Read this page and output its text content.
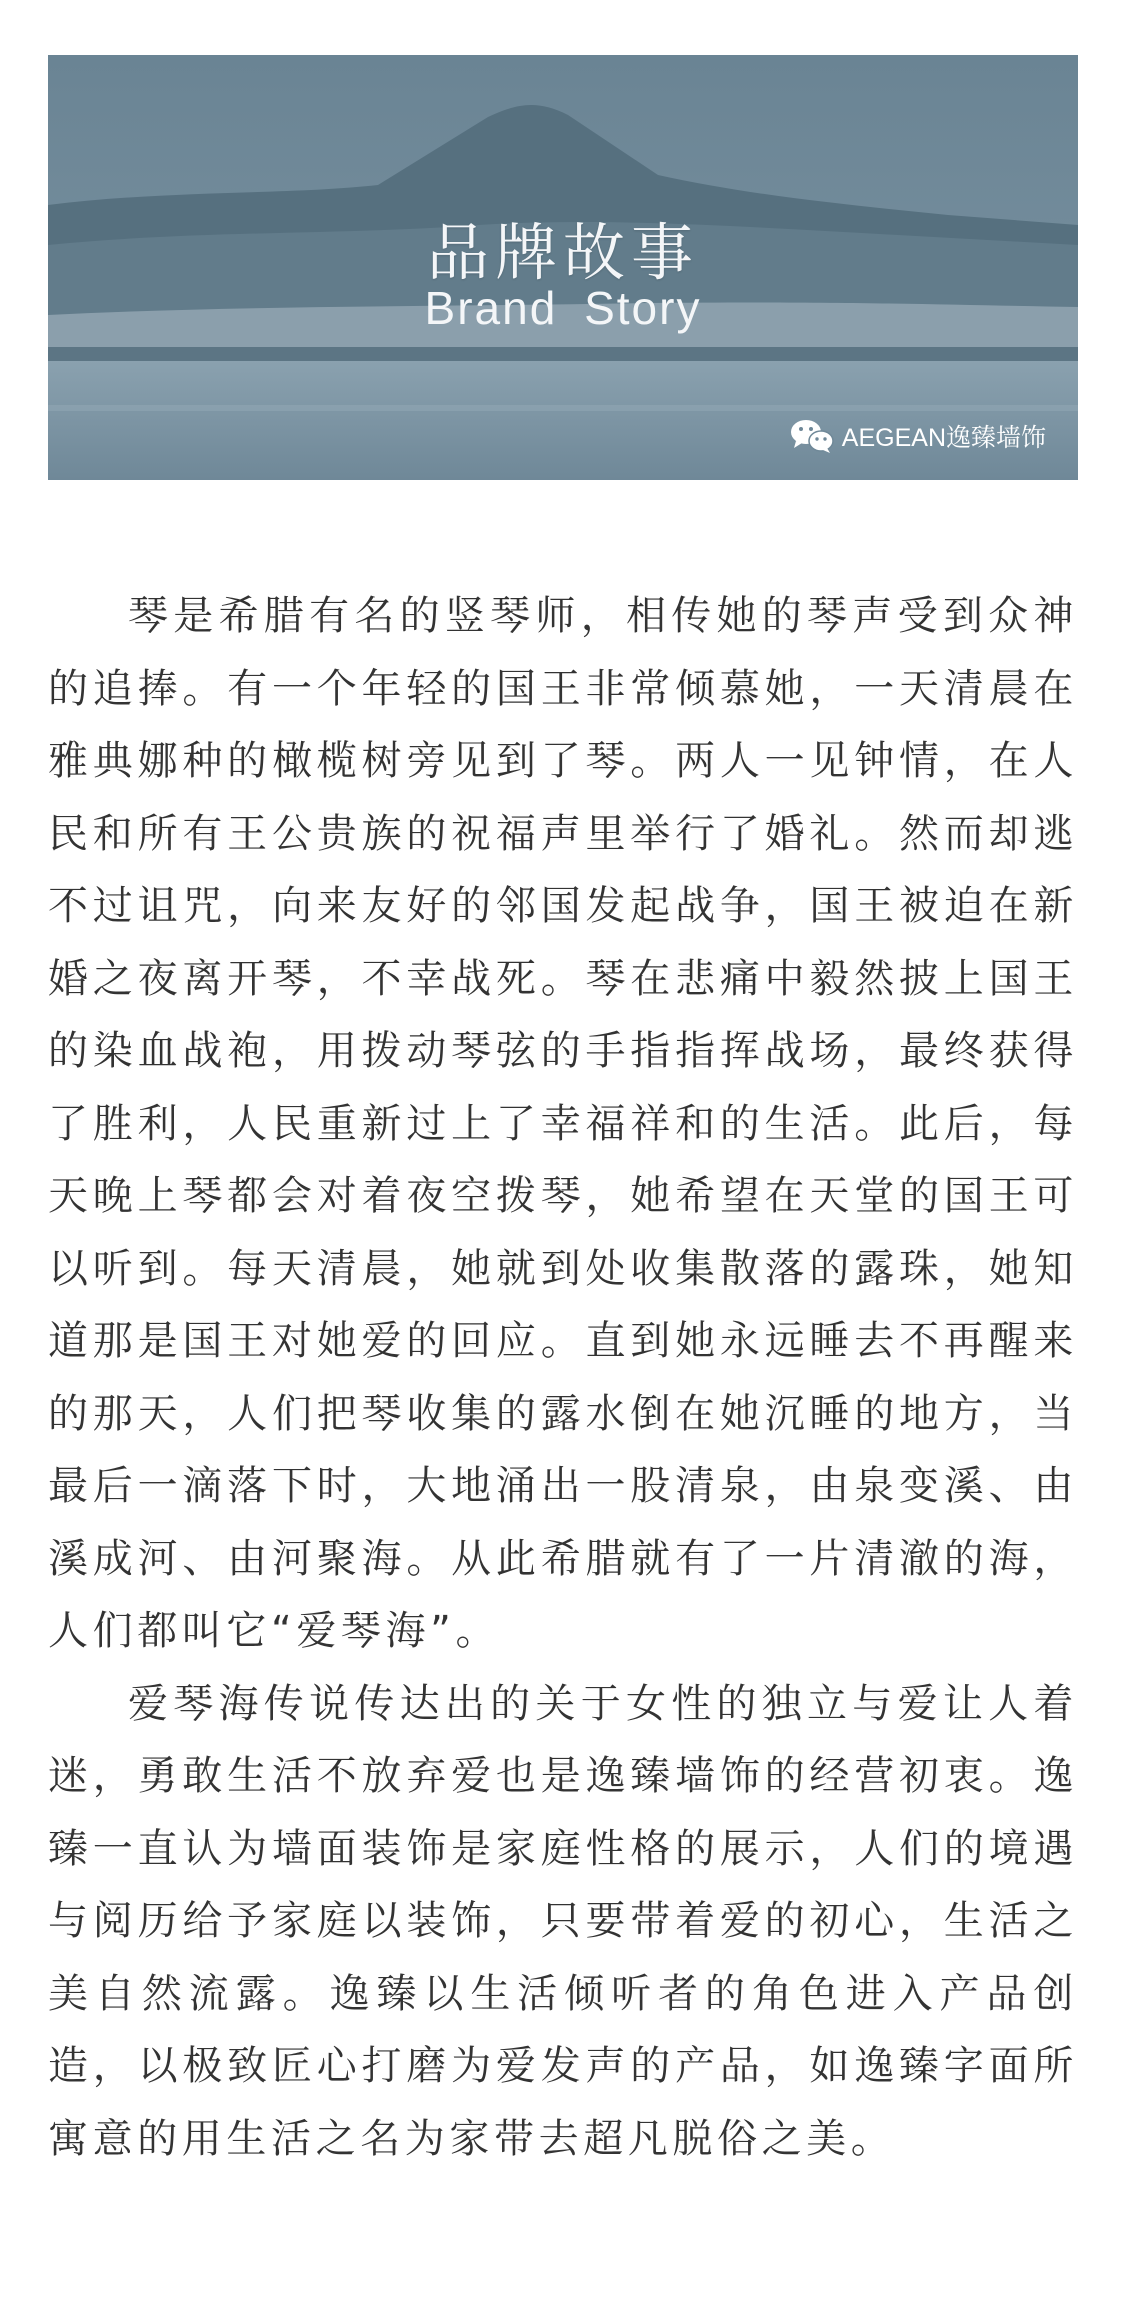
品牌故事
Brand Story
AEGEAN逸臻墙饰

琴是希腊有名的竖琴师，相传她的琴声受到众神的追捧。有一个年轻的国王非常倾慕她，一天清晨在雅典娜种的橄榄树旁见到了琴。两人一见钟情，在人民和所有王公贵族的祝福声里举行了婚礼。然而却逃不过诅咒，向来友好的邻国发起战争，国王被迫在新婚之夜离开琴，不幸战死。琴在悲痛中毅然披上国王的染血战袍，用拨动琴弦的手指指挥战场，最终获得了胜利，人民重新过上了幸福祥和的生活。此后，每天晚上琴都会对着夜空拨琴，她希望在天堂的国王可以听到。每天清晨，她就到处收集散落的露珠，她知道那是国王对她爱的回应。直到她永远睡去不再醒来的那天，人们把琴收集的露水倒在她沉睡的地方，当最后一滴落下时，大地涌出一股清泉，由泉变溪、由溪成河、由河聚海。从此希腊就有了一片清澈的海，人们都叫它“爱琴海”。

爱琴海传说传达出的关于女性的独立与爱让人着迷，勇敢生活不放弃爱也是逸臻墙饰的经营初衷。逸臻一直认为墙面装饰是家庭性格的展示，人们的境遇与阅历给予家庭以装饰，只要带着爱的初心，生活之美自然流露。逸臻以生活倾听者的角色进入产品创造，以极致匠心打磨为爱发声的产品，如逸臻字面所寓意的用生活之名为家带去超凡脱俗之美。
